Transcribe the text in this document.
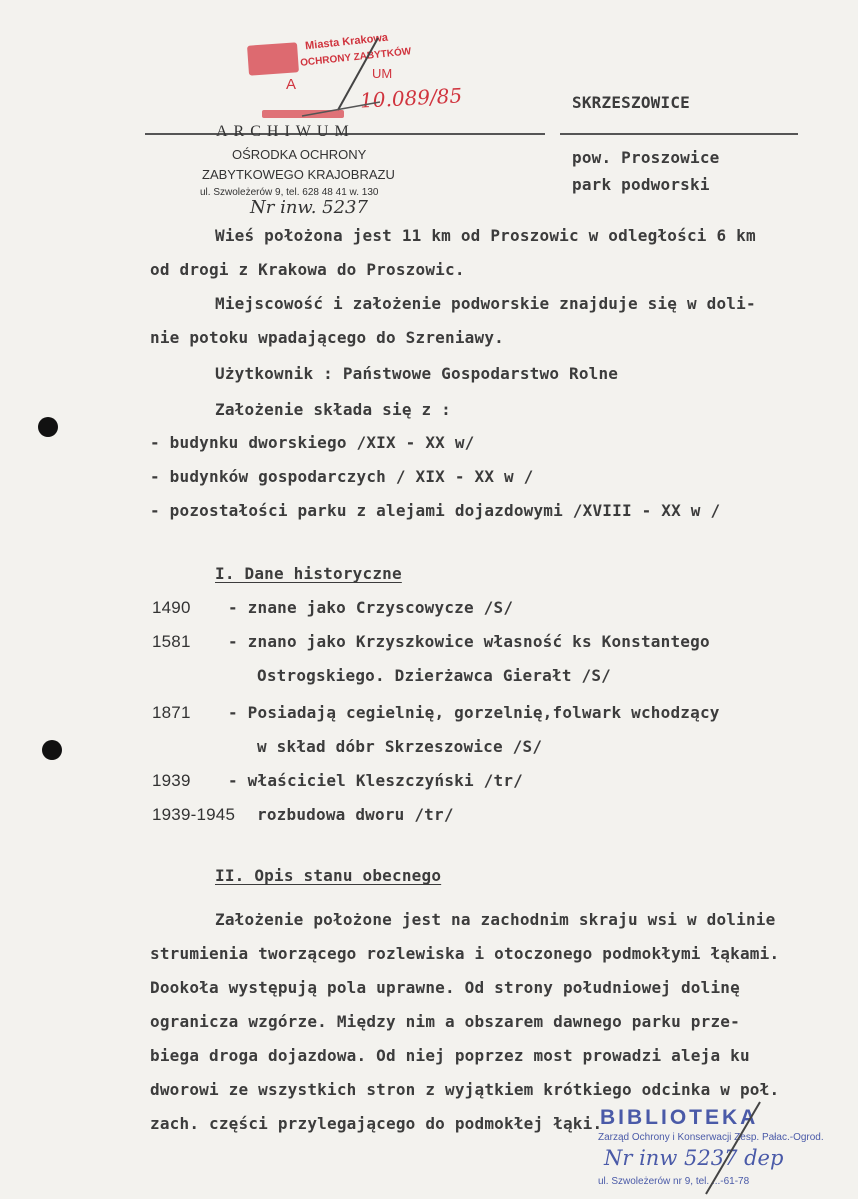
Miasta Krakowa
OCHRONY ZABYTKÓW
UM
A	10.089/85	SKRZESZOWICE
pow. Proszowice
park podworski
ARCHIWUM
OŚRODKA OCHRONY
ZABYTKOWEGO KRAJOBRAZU
ul. Szwoleżerów 9, tel. 628 48 41 w. 130
Nr inw. 5237
Wieś położona jest 11 km od Proszowic w odległości 6 km
od drogi z Krakowa do Proszowic.
Miejscowość i założenie podworskie znajduje się w doli-
nie potoku wpadającego do Szreniawy.
Użytkownik : Państwowe Gospodarstwo Rolne
Założenie składa się z :
- budynku dworskiego /XIX - XX w/
- budynków gospodarczych / XIX - XX w /
- pozostałości parku z alejami dojazdowymi /XVIII - XX w /
I. Dane historyczne
1490 - znane jako Crzyscowycze /S/
1581 - znano jako Krzyszkowice własność ks Konstantego
Ostrogskiego. Dzierżawca Gierałt /S/
1871 - Posiadają cegielnię, gorzelnię,folwark wchodzący
w skład dóbr Skrzeszowice /S/
1939 - właściciel Kleszczyński /tr/
1939-1945 rozbudowa dworu /tr/
II. Opis stanu obecnego
Założenie położone jest na zachodnim skraju wsi w dolinie
strumienia tworzącego rozlewiska i otoczonego podmokłymi łąkami.
Dookoła występują pola uprawne. Od strony południowej dolinę
ogranicza wzgórze. Między nim a obszarem dawnego parku prze-
biega droga dojazdowa. Od niej poprzez most prowadzi aleja ku
dworowi ze wszystkich stron z wyjątkiem krótkiego odcinka w poł.
zach. części przylegającego do podmokłej łąki.
BIBLIOTEKA
Zarząd Ochrony i Konserwacji Zesp. Pałac.-Ogrod.
Nr inw 5237 dep
ul. Szwoleżerów nr 9, tel. ...-61-78
